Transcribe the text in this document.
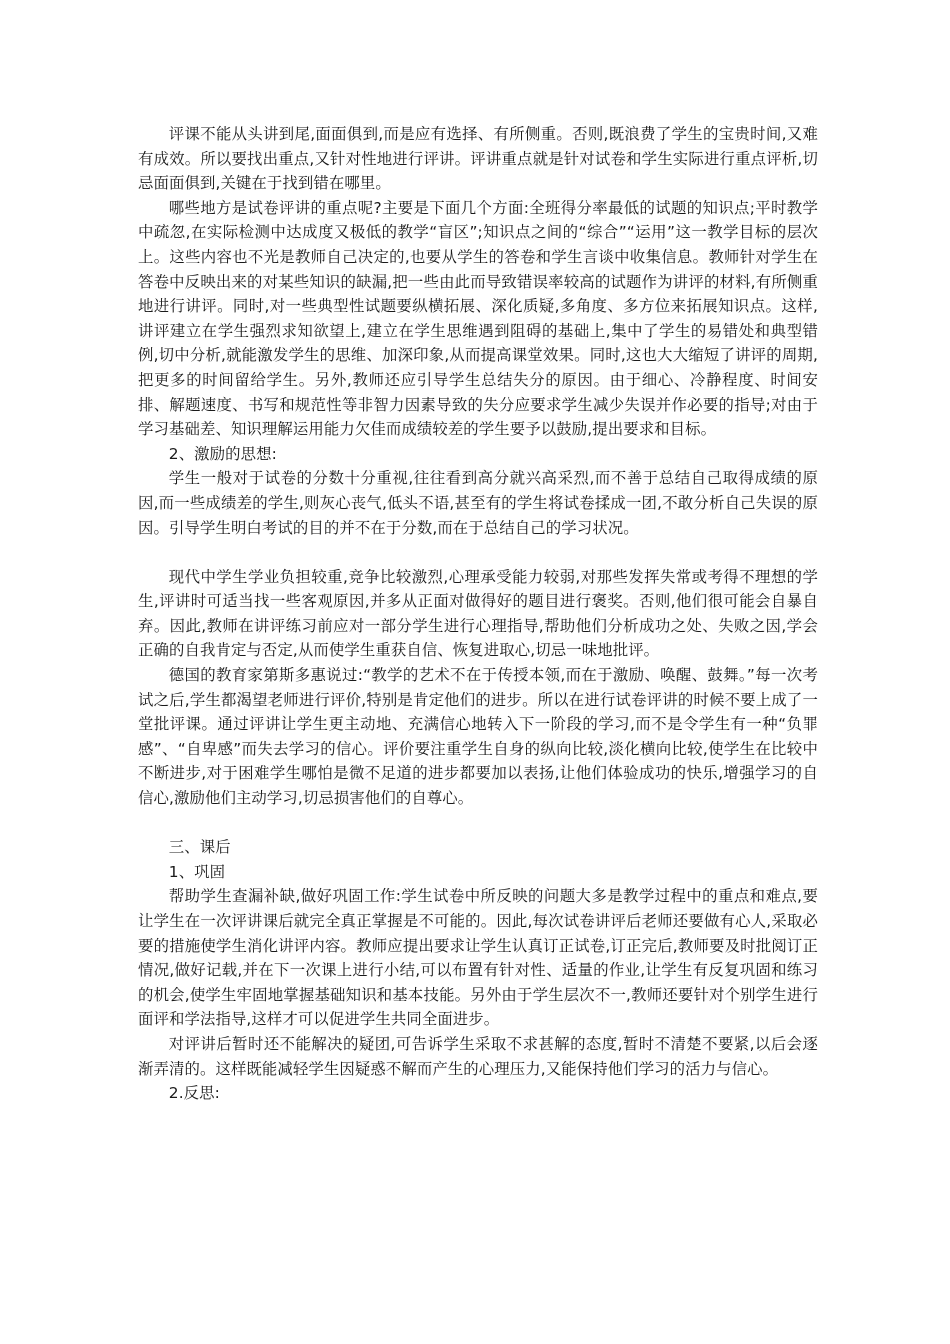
评课不能从头讲到尾,面面俱到,而是应有选择、有所侧重。否则,既浪费了学生的宝贵时间,又难有成效。所以要找出重点,又针对性地进行评讲。评讲重点就是针对试卷和学生实际进行重点评析,切忌面面俱到,关键在于找到错在哪里。

哪些地方是试卷评讲的重点呢?主要是下面几个方面:全班得分率最低的试题的知识点;平时教学中疏忽,在实际检测中达成度又极低的教学“盲区”;知识点之间的“综合”“运用”这一教学目标的层次上。这些内容也不光是教师自己决定的,也要从学生的答卷和学生言谈中收集信息。教师针对学生在答卷中反映出来的对某些知识的缺漏,把一些由此而导致错误率较高的试题作为讲评的材料,有所侧重地进行讲评。同时,对一些典型性试题要纵横拓展、深化质疑,多角度、多方位来拓展知识点。这样,讲评建立在学生强烈求知欲望上,建立在学生思维遇到阻碍的基础上,集中了学生的易错处和典型错例,切中分析,就能激发学生的思维、加深印象,从而提高课堂效果。同时,这也大大缩短了讲评的周期,把更多的时间留给学生。另外,教师还应引导学生总结失分的原因。由于细心、冷静程度、时间安排、解题速度、书写和规范性等非智力因素导致的失分应要求学生减少失误并作必要的指导;对由于学习基础差、知识理解运用能力欠佳而成绩较差的学生要予以鼓励,提出要求和目标。

2、激励的思想:

学生一般对于试卷的分数十分重视,往往看到高分就兴高采烈,而不善于总结自己取得成绩的原因,而一些成绩差的学生,则灰心丧气,低头不语,甚至有的学生将试卷揉成一团,不敢分析自己失误的原因。引导学生明白考试的目的并不在于分数,而在于总结自己的学习状况。

现代中学生学业负担较重,竞争比较激烈,心理承受能力较弱,对那些发挥失常或考得不理想的学生,评讲时可适当找一些客观原因,并多从正面对做得好的题目进行褒奖。否则,他们很可能会自暴自弃。因此,教师在讲评练习前应对一部分学生进行心理指导,帮助他们分析成功之处、失败之因,学会正确的自我肯定与否定,从而使学生重获自信、恢复进取心,切忌一味地批评。

德国的教育家第斯多惠说过:“教学的艺术不在于传授本领,而在于激励、唤醒、鼓舞。”每一次考试之后,学生都渴望老师进行评价,特别是肯定他们的进步。所以在进行试卷评讲的时候不要上成了一堂批评课。通过评讲让学生更主动地、充满信心地转入下一阶段的学习,而不是令学生有一种“负罪感”、“自卑感”而失去学习的信心。评价要注重学生自身的纵向比较,淡化横向比较,使学生在比较中不断进步,对于困难学生哪怕是微不足道的进步都要加以表扬,让他们体验成功的快乐,增强学习的自信心,激励他们主动学习,切忌损害他们的自尊心。

三、课后

1、巩固

帮助学生查漏补缺,做好巩固工作:学生试卷中所反映的问题大多是教学过程中的重点和难点,要让学生在一次评讲课后就完全真正掌握是不可能的。因此,每次试卷讲评后老师还要做有心人,采取必要的措施使学生消化讲评内容。教师应提出要求让学生认真订正试卷,订正完后,教师要及时批阅订正情况,做好记载,并在下一次课上进行小结,可以布置有针对性、适量的作业,让学生有反复巩固和练习的机会,使学生牢固地掌握基础知识和基本技能。另外由于学生层次不一,教师还要针对个别学生进行面评和学法指导,这样才可以促进学生共同全面进步。

对评讲后暂时还不能解决的疑团,可告诉学生采取不求甚解的态度,暂时不清楚不要紧,以后会逐渐弄清的。这样既能减轻学生因疑惑不解而产生的心理压力,又能保持他们学习的活力与信心。

2.反思:
